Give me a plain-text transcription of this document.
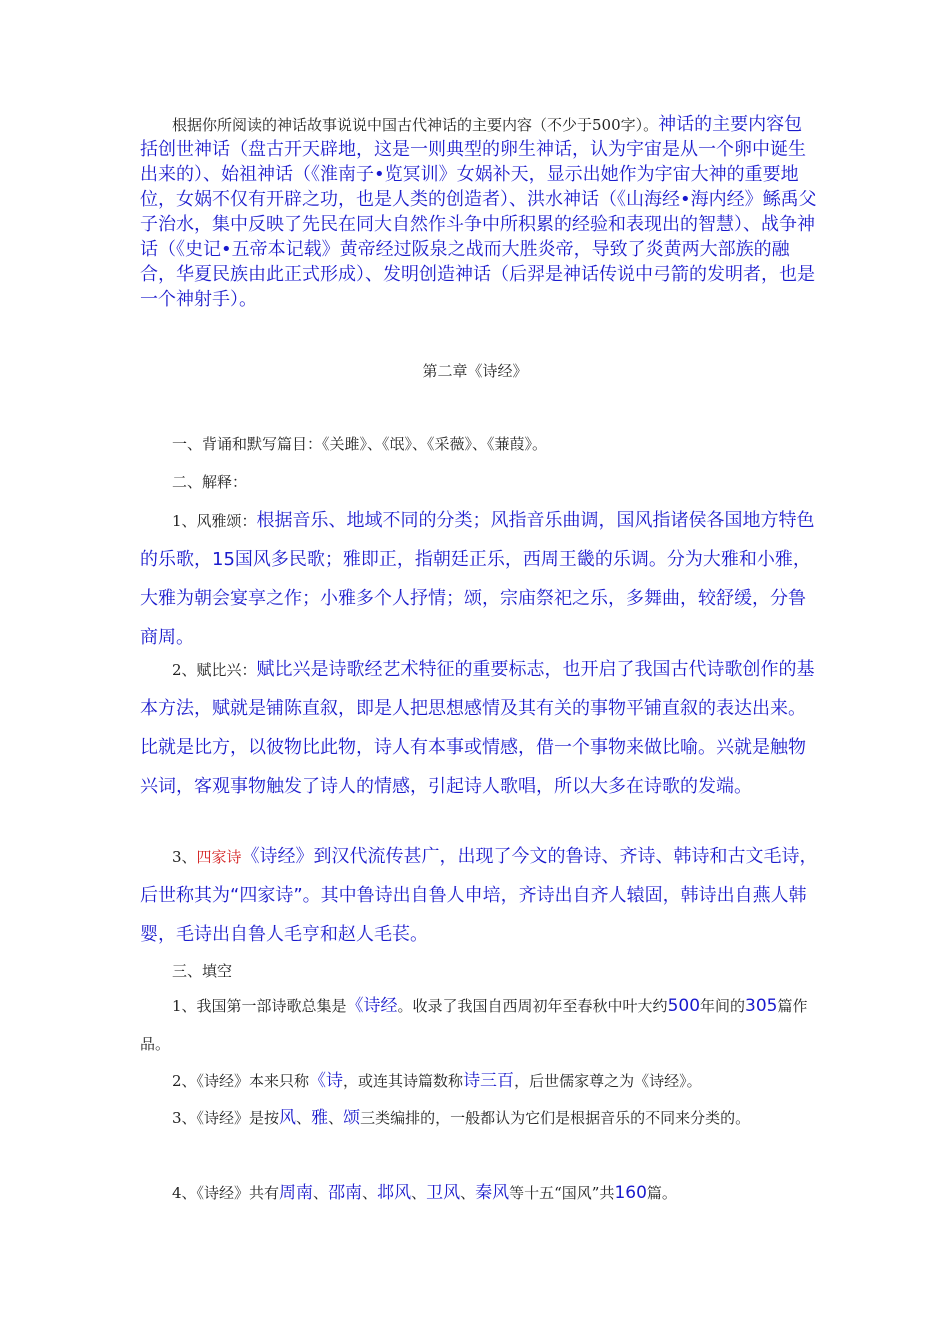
根据你所阅读的神话故事说说中国古代神话的主要内容（不少于500字）。神话的主要内容包括创世神话（盘古开天辟地，这是一则典型的卵生神话，认为宇宙是从一个卵中诞生出来的）、始祖神话（《淮南子•览冥训》女娲补天，显示出她作为宇宙大神的重要地位，女娲不仅有开辟之功，也是人类的创造者）、洪水神话（《山海经•海内经》鲧禹父子治水，集中反映了先民在同大自然作斗争中所积累的经验和表现出的智慧）、战争神话（《史记•五帝本记载》黄帝经过阪泉之战而大胜炎帝，导致了炎黄两大部族的融合，华夏民族由此正式形成）、发明创造神话（后羿是神话传说中弓箭的发明者，也是一个神射手）。

第二章《诗经》
一、背诵和默写篇目：《关雎》、《氓》、《采薇》、《蒹葭》。
二、解释：

1、风雅颂：根据音乐、地域不同的分类；风指音乐曲调，国风指诸侯各国地方特色的乐歌，15国风多民歌；雅即正，指朝廷正乐，西周王畿的乐调。分为大雅和小雅，大雅为朝会宴享之作；小雅多个人抒情；颂，宗庙祭祀之乐，多舞曲，较舒缓，分鲁商周。

2、赋比兴：赋比兴是诗歌经艺术特征的重要标志，也开启了我国古代诗歌创作的基本方法，赋就是铺陈直叙，即是人把思想感情及其有关的事物平铺直叙的表达出来。比就是比方，以彼物比此物，诗人有本事或情感，借一个事物来做比喻。兴就是触物兴词，客观事物触发了诗人的情感，引起诗人歌唱，所以大多在诗歌的发端。

3、四家诗《诗经》到汉代流传甚广，出现了今文的鲁诗、齐诗、韩诗和古文毛诗，后世称其为“四家诗”。其中鲁诗出自鲁人申培，齐诗出自齐人辕固，韩诗出自燕人韩婴，毛诗出自鲁人毛亨和赵人毛苌。

三、填空

1、我国第一部诗歌总集是《诗经。收录了我国自西周初年至春秋中叶大约500年间的305篇作品。

2、《诗经》本来只称《诗，或连其诗篇数称诗三百，后世儒家尊之为《诗经》。

3、《诗经》是按风、雅、颂三类编排的，一般都认为它们是根据音乐的不同来分类的。

4、《诗经》共有周南、邵南、邶风、卫风、秦风等十五“国风”共160篇。
